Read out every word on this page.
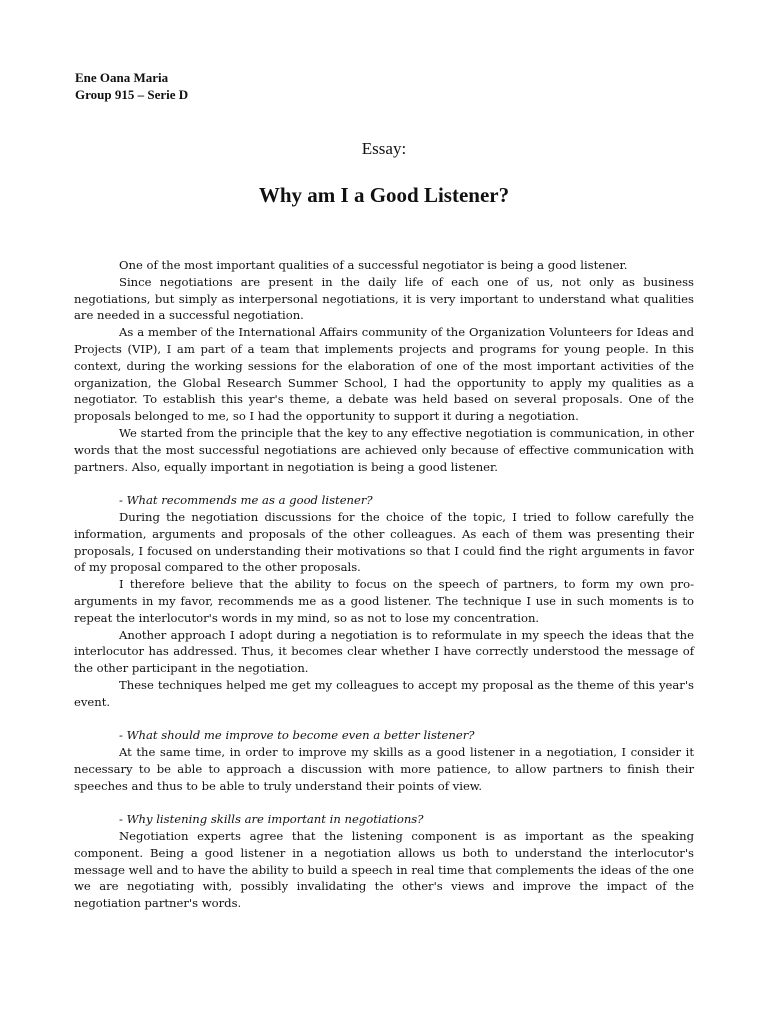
Ene Oana Maria
Group 915 – Serie D
Essay:
Why am I a Good Listener?

One of the most important qualities of a successful negotiator is being a good listener.

Since negotiations are present in the daily life of each one of us, not only as business negotiations, but simply as interpersonal negotiations, it is very important to understand what qualities are needed in a successful negotiation.

As a member of the International Affairs community of the Organization Volunteers for Ideas and Projects (VIP), I am part of a team that implements projects and programs for young people. In this context, during the working sessions for the elaboration of one of the most important activities of the organization, the Global Research Summer School, I had the opportunity to apply my qualities as a negotiator. To establish this year's theme, a debate was held based on several proposals. One of the proposals belonged to me, so I had the opportunity to support it during a negotiation.

We started from the principle that the key to any effective negotiation is communication, in other words that the most successful negotiations are achieved only because of effective communication with partners. Also, equally important in negotiation is being a good listener.

- What recommends me as a good listener?

During the negotiation discussions for the choice of the topic, I tried to follow carefully the information, arguments and proposals of the other colleagues. As each of them was presenting their proposals, I focused on understanding their motivations so that I could find the right arguments in favor of my proposal compared to the other proposals.

I therefore believe that the ability to focus on the speech of partners, to form my own pro-arguments in my favor, recommends me as a good listener. The technique I use in such moments is to repeat the interlocutor's words in my mind, so as not to lose my concentration.

Another approach I adopt during a negotiation is to reformulate in my speech the ideas that the interlocutor has addressed. Thus, it becomes clear whether I have correctly understood the message of the other participant in the negotiation.

These techniques helped me get my colleagues to accept my proposal as the theme of this year's event.

- What should me improve to become even a better listener?

At the same time, in order to improve my skills as a good listener in a negotiation, I consider it necessary to be able to approach a discussion with more patience, to allow partners to finish their speeches and thus to be able to truly understand their points of view.

- Why listening skills are important in negotiations?

Negotiation experts agree that the listening component is as important as the speaking component. Being a good listener in a negotiation allows us both to understand the interlocutor's message well and to have the ability to build a speech in real time that complements the ideas of the one we are negotiating with, possibly invalidating the other's views and improve the impact of the negotiation partner's words.
